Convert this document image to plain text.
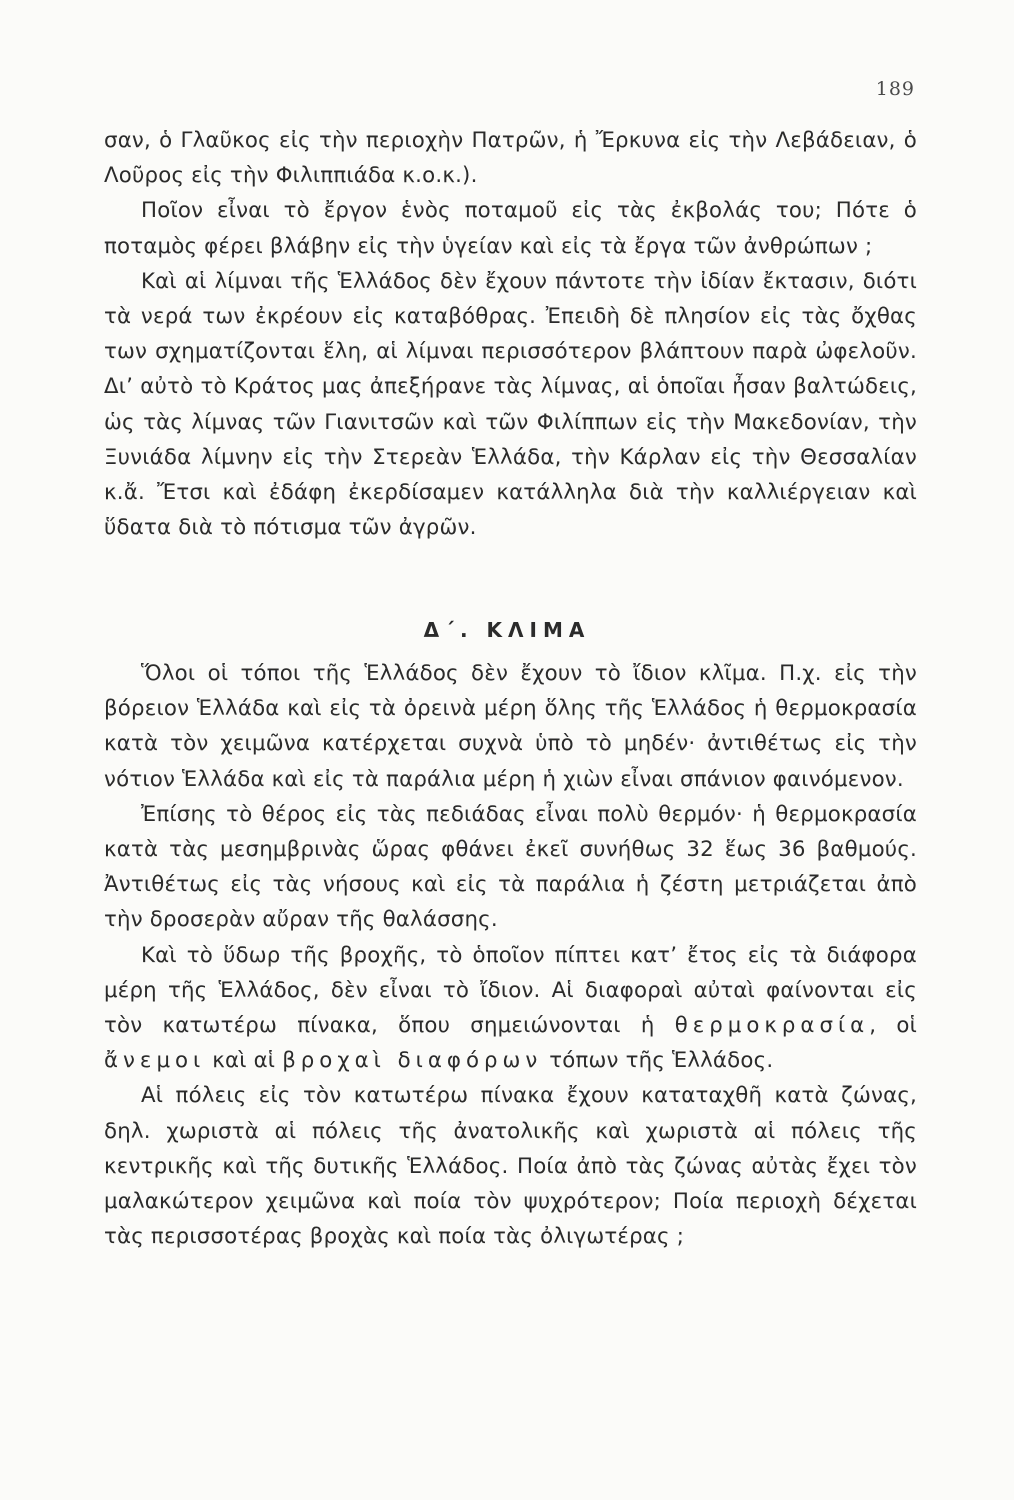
189

σαν, ὁ Γλαῦκος εἰς τὴν περιοχὴν Πατρῶν, ἡ Ἔρκυνα εἰς τὴν Λεβάδειαν, ὁ Λοῦρος εἰς τὴν Φιλιππιάδα κ.ο.κ.).

Ποῖον εἶναι τὸ ἔργον ἑνὸς ποταμοῦ εἰς τὰς ἐκβολάς του; Πότε ὁ ποταμὸς φέρει βλάβην εἰς τὴν ὑγείαν καὶ εἰς τὰ ἔργα τῶν ἀνθρώπων ;

Καὶ αἱ λίμναι τῆς Ἑλλάδος δὲν ἔχουν πάντοτε τὴν ἰδίαν ἔκτασιν, διότι τὰ νερά των ἐκρέουν εἰς καταβόθρας. Ἐπειδὴ δὲ πλησίον εἰς τὰς ὄχθας των σχηματίζονται ἕλη, αἱ λίμναι περισσότερον βλάπτουν παρὰ ὠφελοῦν. Δι’ αὐτὸ τὸ Κράτος μας ἀπεξήρανε τὰς λίμνας, αἱ ὁποῖαι ἦσαν βαλτώδεις, ὡς τὰς λίμνας τῶν Γιανιτσῶν καὶ τῶν Φιλίππων εἰς τὴν Μακεδονίαν, τὴν Ξυνιάδα λίμνην εἰς τὴν Στερεὰν Ἑλλάδα, τὴν Κάρλαν εἰς τὴν Θεσσαλίαν κ.ἄ. Ἔτσι καὶ ἐδάφη ἐκερδίσαμεν κατάλληλα διὰ τὴν καλλιέργειαν καὶ ὕδατα διὰ τὸ πότισμα τῶν ἀγρῶν.

Δ΄. ΚΛΙΜΑ

Ὅλοι οἱ τόποι τῆς Ἑλλάδος δὲν ἔχουν τὸ ἴδιον κλῖμα. Π.χ. εἰς τὴν βόρειον Ἑλλάδα καὶ εἰς τὰ ὀρεινὰ μέρη ὅλης τῆς Ἑλλάδος ἡ θερμοκρασία κατὰ τὸν χειμῶνα κατέρχεται συχνὰ ὑπὸ τὸ μηδέν· ἀντιθέτως εἰς τὴν νότιον Ἑλλάδα καὶ εἰς τὰ παράλια μέρη ἡ χιὼν εἶναι σπάνιον φαινόμενον.

Ἐπίσης τὸ θέρος εἰς τὰς πεδιάδας εἶναι πολὺ θερμόν· ἡ θερμοκρασία κατὰ τὰς μεσημβρινὰς ὥρας φθάνει ἐκεῖ συνήθως 32 ἕως 36 βαθμούς. Ἀντιθέτως εἰς τὰς νήσους καὶ εἰς τὰ παράλια ἡ ζέστη μετριάζεται ἀπὸ τὴν δροσερὰν αὔραν τῆς θαλάσσης.

Καὶ τὸ ὕδωρ τῆς βροχῆς, τὸ ὁποῖον πίπτει κατ’ ἔτος εἰς τὰ διάφορα μέρη τῆς Ἑλλάδος, δὲν εἶναι τὸ ἴδιον. Αἱ διαφοραὶ αὐταὶ φαίνονται εἰς τὸν κατωτέρω πίνακα, ὅπου σημειώνονται ἡ θερμοκρασία, οἱ ἄνεμοι καὶ αἱ βροχαὶ διαφόρων τόπων τῆς Ἑλλάδος.

Αἱ πόλεις εἰς τὸν κατωτέρω πίνακα ἔχουν καταταχθῆ κατὰ ζώνας, δηλ. χωριστὰ αἱ πόλεις τῆς ἀνατολικῆς καὶ χωριστὰ αἱ πόλεις τῆς κεντρικῆς καὶ τῆς δυτικῆς Ἑλλάδος. Ποία ἀπὸ τὰς ζώνας αὐτὰς ἔχει τὸν μαλακώτερον χειμῶνα καὶ ποία τὸν ψυχρότερον; Ποία περιοχὴ δέχεται τὰς περισσοτέρας βροχὰς καὶ ποία τὰς ὀλιγωτέρας ;
